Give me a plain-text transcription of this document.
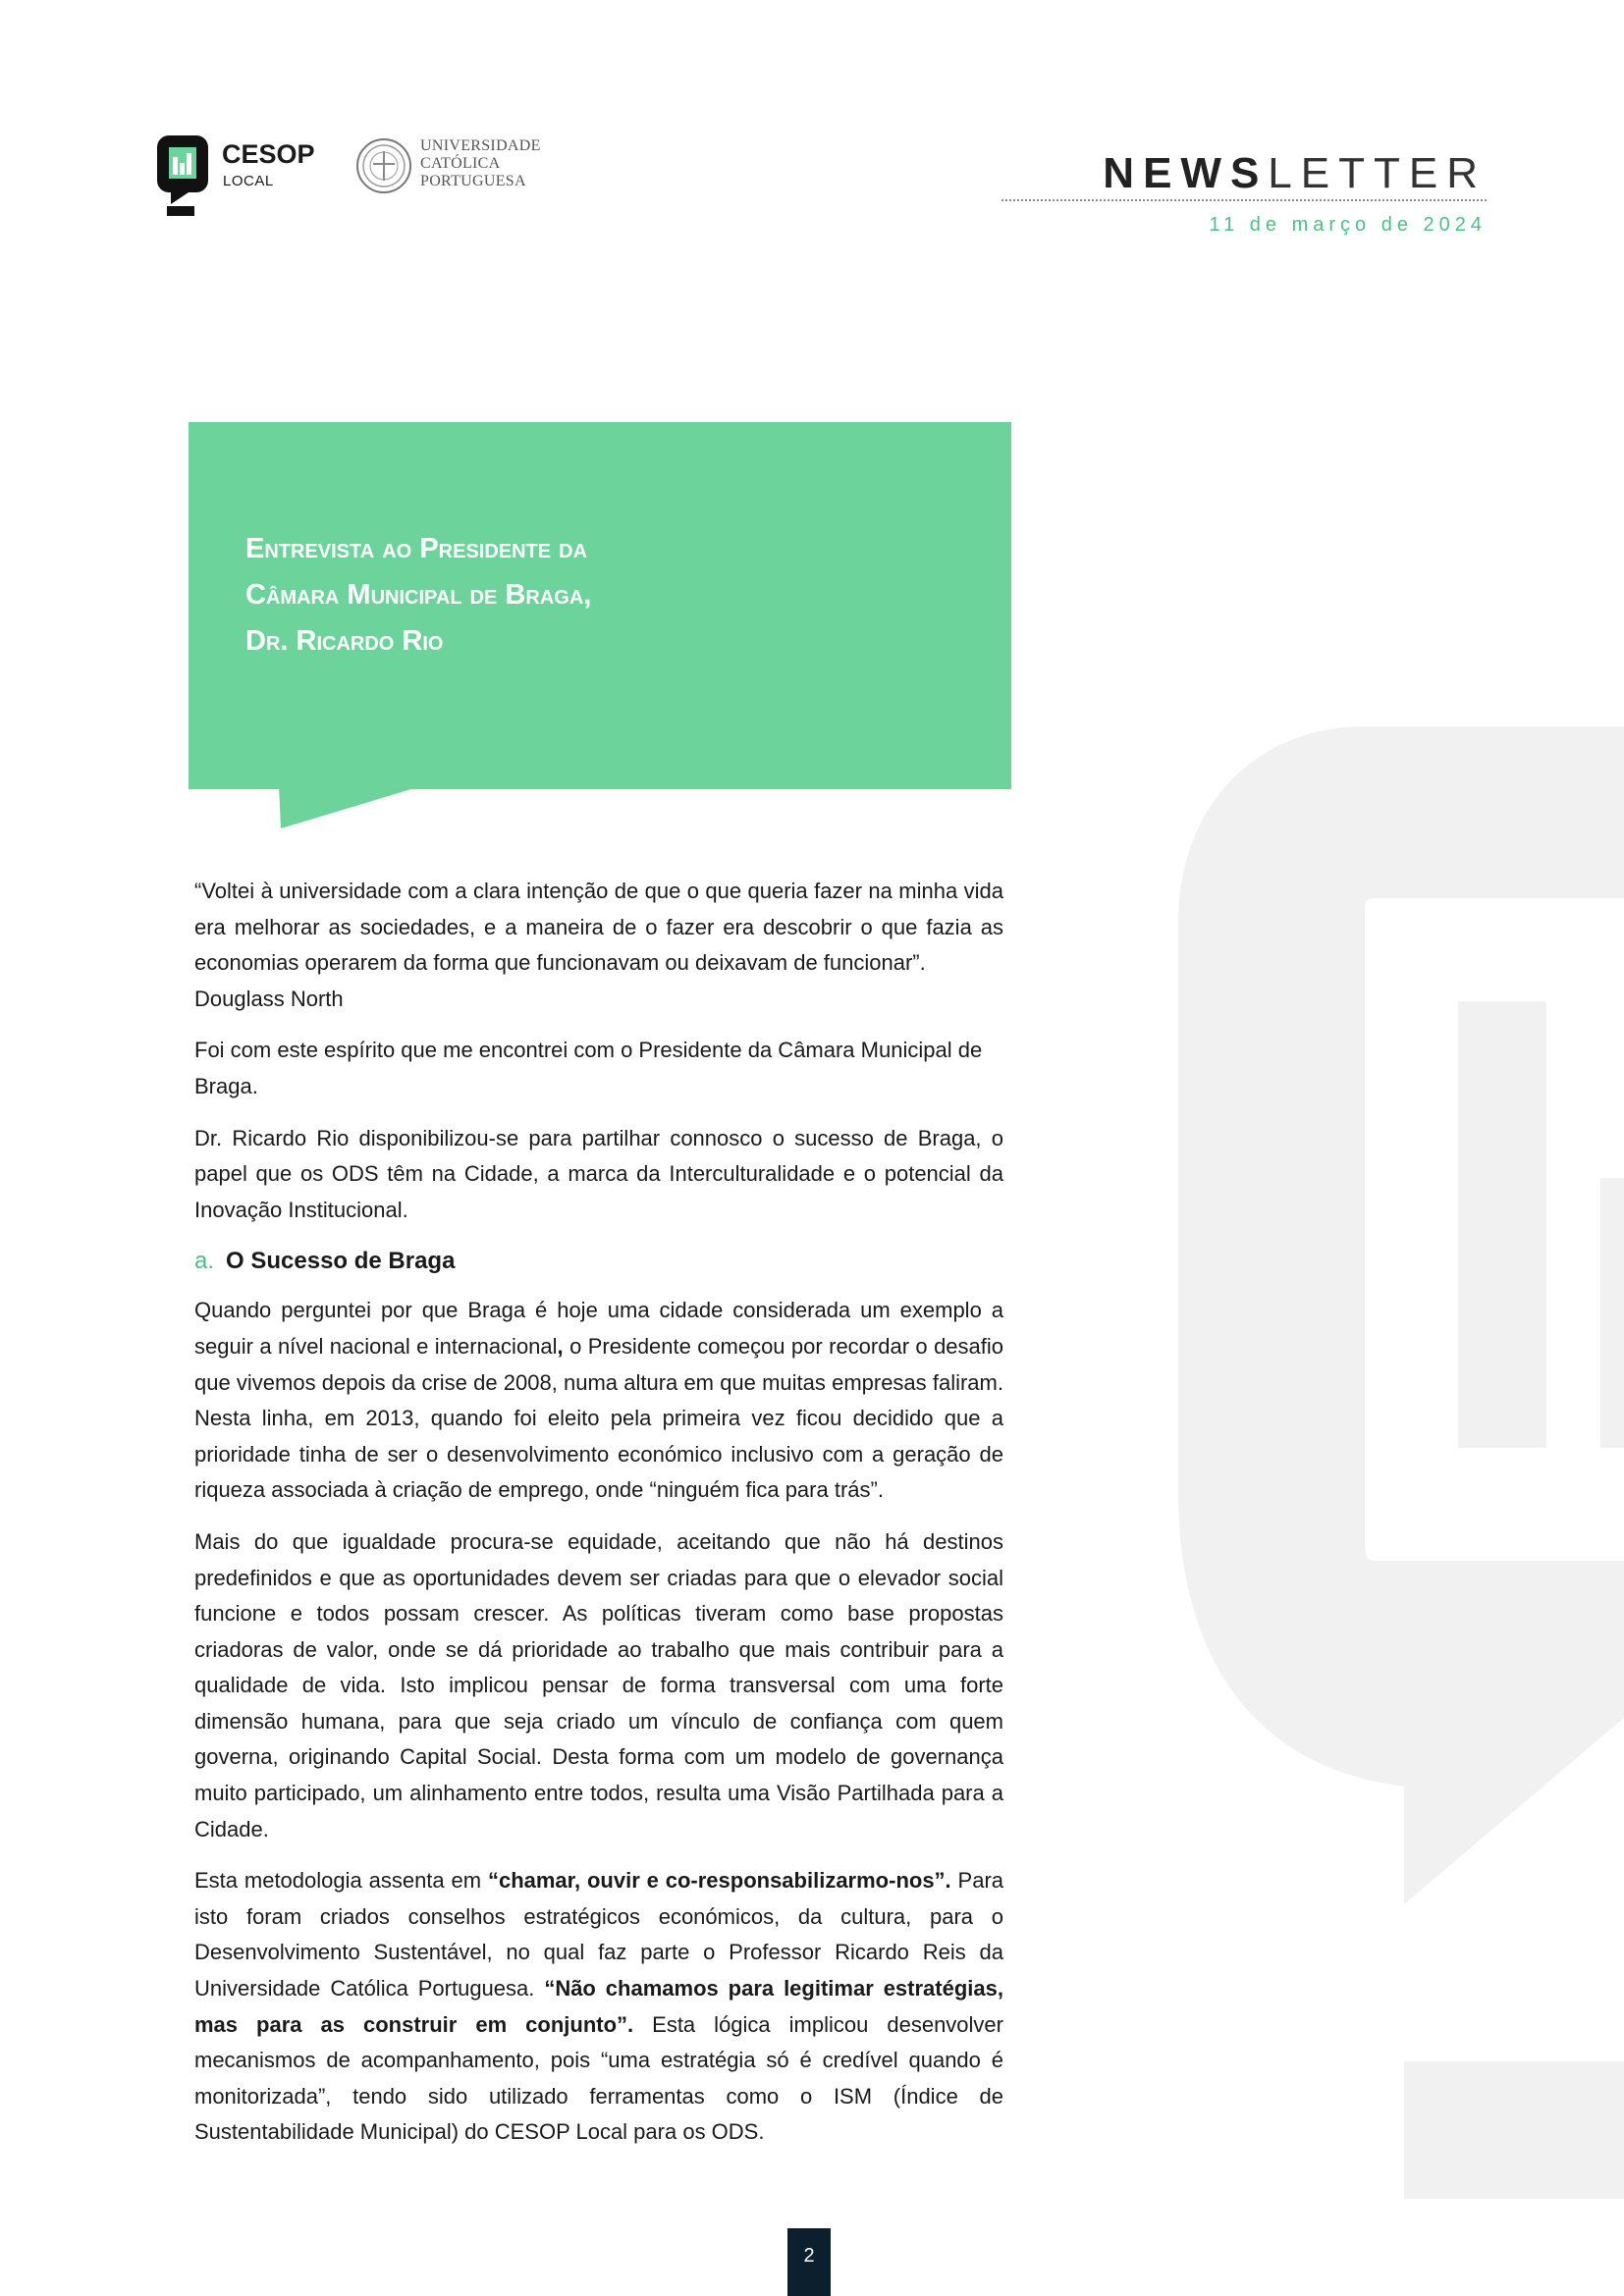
CESOP
LOCAL
UNIVERSIDADE
CATÓLICA
PORTUGUESA	NEWSLETTER
11 de março de 2024
Entrevista ao Presidente da
Câmara Municipal de Braga,
Dr. Ricardo Rio

“Voltei à universidade com a clara intenção de que o que queria fazer na minha vida era melhorar as sociedades, e a maneira de o fazer era descobrir o que fazia as economias operarem da forma que funcionavam ou deixavam de funcionar”.
Douglass North

Foi com este espírito que me encontrei com o Presidente da Câmara Municipal de Braga.

Dr. Ricardo Rio disponibilizou-se para partilhar connosco o sucesso de Braga, o papel que os ODS têm na Cidade, a marca da Interculturalidade e o potencial da Inovação Institucional.

a. O Sucesso de Braga

Quando perguntei por que Braga é hoje uma cidade considerada um exemplo a seguir a nível nacional e internacional, o Presidente começou por recordar o desafio que vivemos depois da crise de 2008, numa altura em que muitas empresas faliram. Nesta linha, em 2013, quando foi eleito pela primeira vez ficou decidido que a prioridade tinha de ser o desenvolvimento económico inclusivo com a geração de riqueza associada à criação de emprego, onde “ninguém fica para trás”.

Mais do que igualdade procura-se equidade, aceitando que não há destinos predefinidos e que as oportunidades devem ser criadas para que o elevador social funcione e todos possam crescer. As políticas tiveram como base propostas criadoras de valor, onde se dá prioridade ao trabalho que mais contribuir para a qualidade de vida. Isto implicou pensar de forma transversal com uma forte dimensão humana, para que seja criado um vínculo de confiança com quem governa, originando Capital Social. Desta forma com um modelo de governança muito participado, um alinhamento entre todos, resulta uma Visão Partilhada para a Cidade.

Esta metodologia assenta em “chamar, ouvir e co-responsabilizarmo-nos”. Para isto foram criados conselhos estratégicos económicos, da cultura, para o Desenvolvimento Sustentável, no qual faz parte o Professor Ricardo Reis da Universidade Católica Portuguesa. “Não chamamos para legitimar estratégias, mas para as construir em conjunto”. Esta lógica implicou desenvolver mecanismos de acompanhamento, pois “uma estratégia só é credível quando é monitorizada”, tendo sido utilizado ferramentas como o ISM (Índice de Sustentabilidade Municipal) do CESOP Local para os ODS.

2
